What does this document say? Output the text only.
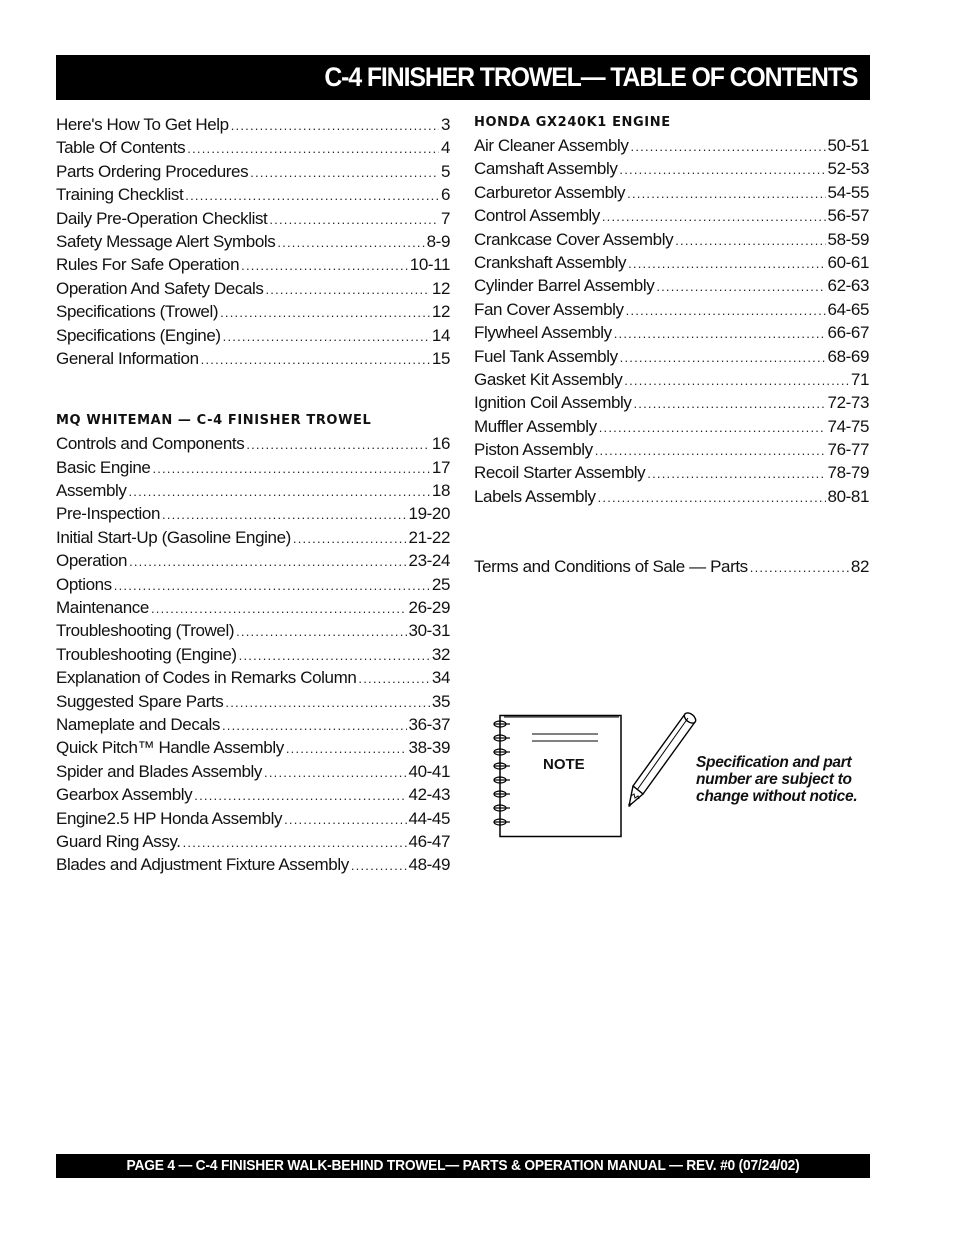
C-4 FINISHER TROWEL— TABLE OF CONTENTS
Here's How To Get Help .....	3
Table Of Contents .....	4
Parts Ordering Procedures .....	5
Training Checklist .....	6
Daily Pre-Operation Checklist .....	7
Safety Message Alert Symbols .....	8-9
Rules For Safe Operation .....	10-11
Operation And Safety Decals .....	12
Specifications (Trowel) .....	12
Specifications (Engine) .....	14
General Information .....	15
MQ WHITEMAN — C-4 FINISHER TROWEL
Controls and Components .....	16
Basic Engine .....	17
Assembly .....	18
Pre-Inspection .....	19-20
Initial Start-Up (Gasoline Engine) .....	21-22
Operation .....	23-24
Options .....	25
Maintenance .....	26-29
Troubleshooting (Trowel) .....	30-31
Troubleshooting (Engine) .....	32
Explanation of Codes in Remarks Column .....	34
Suggested Spare Parts .....	35
Nameplate and Decals .....	36-37
Quick Pitch™ Handle Assembly .....	38-39
Spider and Blades Assembly .....	40-41
Gearbox Assembly .....	42-43
Engine2.5 HP Honda Assembly .....	44-45
Guard Ring Assy. .....	46-47
Blades and Adjustment Fixture Assembly .....	48-49
HONDA GX240K1 ENGINE
Air Cleaner Assembly .....	50-51
Camshaft Assembly .....	52-53
Carburetor Assembly .....	54-55
Control Assembly .....	56-57
Crankcase Cover Assembly .....	58-59
Crankshaft Assembly .....	60-61
Cylinder Barrel Assembly .....	62-63
Fan Cover Assembly .....	64-65
Flywheel Assembly .....	66-67
Fuel Tank Assembly .....	68-69
Gasket Kit Assembly .....	71
Ignition Coil Assembly .....	72-73
Muffler Assembly .....	74-75
Piston Assembly .....	76-77
Recoil Starter Assembly .....	78-79
Labels Assembly .....	80-81
Terms and Conditions of Sale — Parts .....	82
NOTE	Specification and part number are subject to change without notice.
PAGE 4 — C-4 FINISHER WALK-BEHIND TROWEL— PARTS & OPERATION MANUAL — REV. #0 (07/24/02)
